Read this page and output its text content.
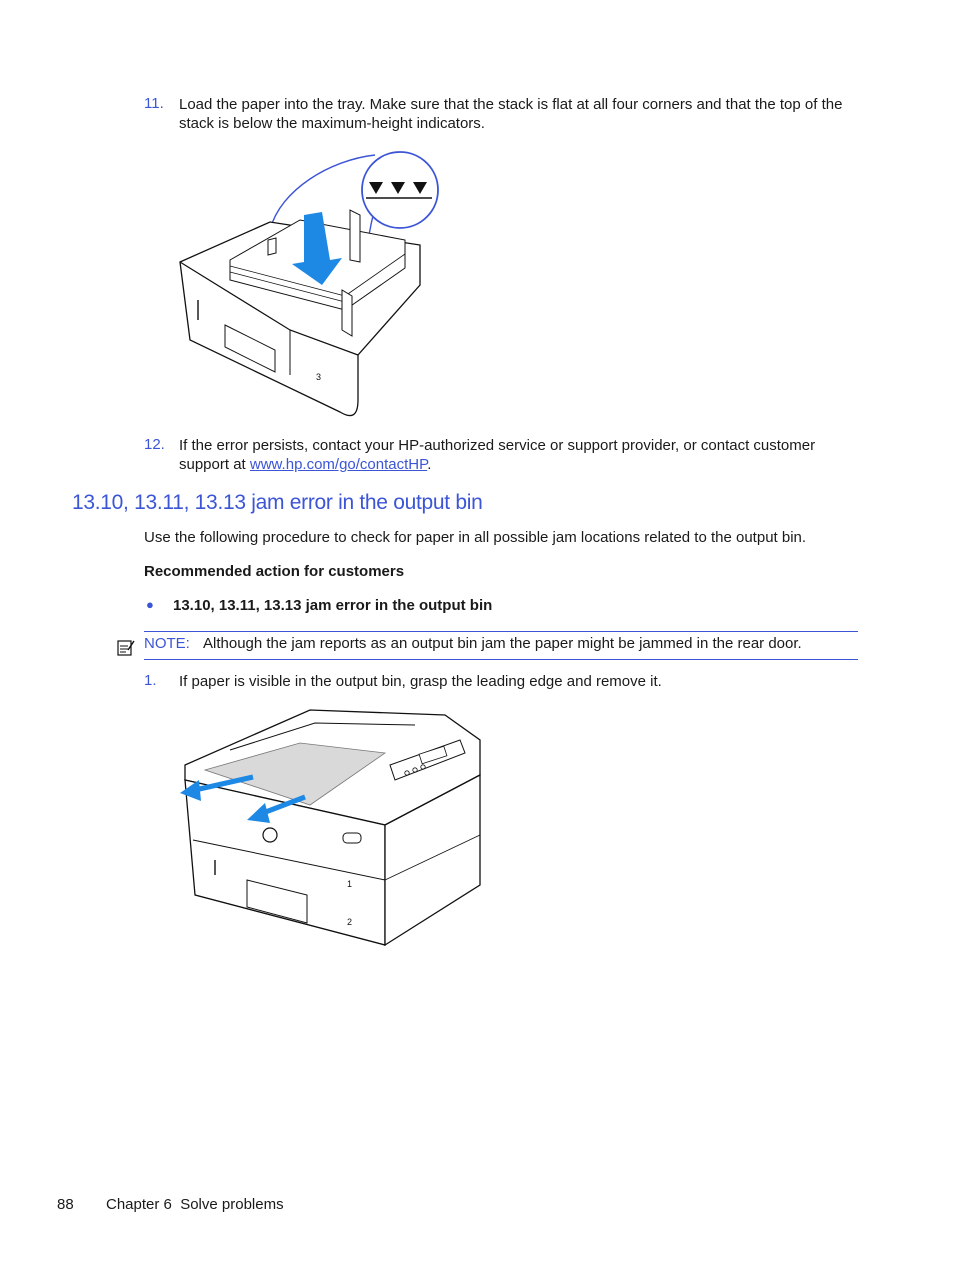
11. Load the paper into the tray. Make sure that the stack is flat at all four corners and that the top of the stack is below the maximum-height indicators.
3
12. If the error persists, contact your HP-authorized service or support provider, or contact customer support at www.hp.com/go/contactHP.
13.10, 13.11, 13.13 jam error in the output bin
Use the following procedure to check for paper in all possible jam locations related to the output bin.
Recommended action for customers
● 13.10, 13.11, 13.13 jam error in the output bin
NOTE: Although the jam reports as an output bin jam the paper might be jammed in the rear door.
1. If paper is visible in the output bin, grasp the leading edge and remove it.
1
2
88 Chapter 6  Solve problems
